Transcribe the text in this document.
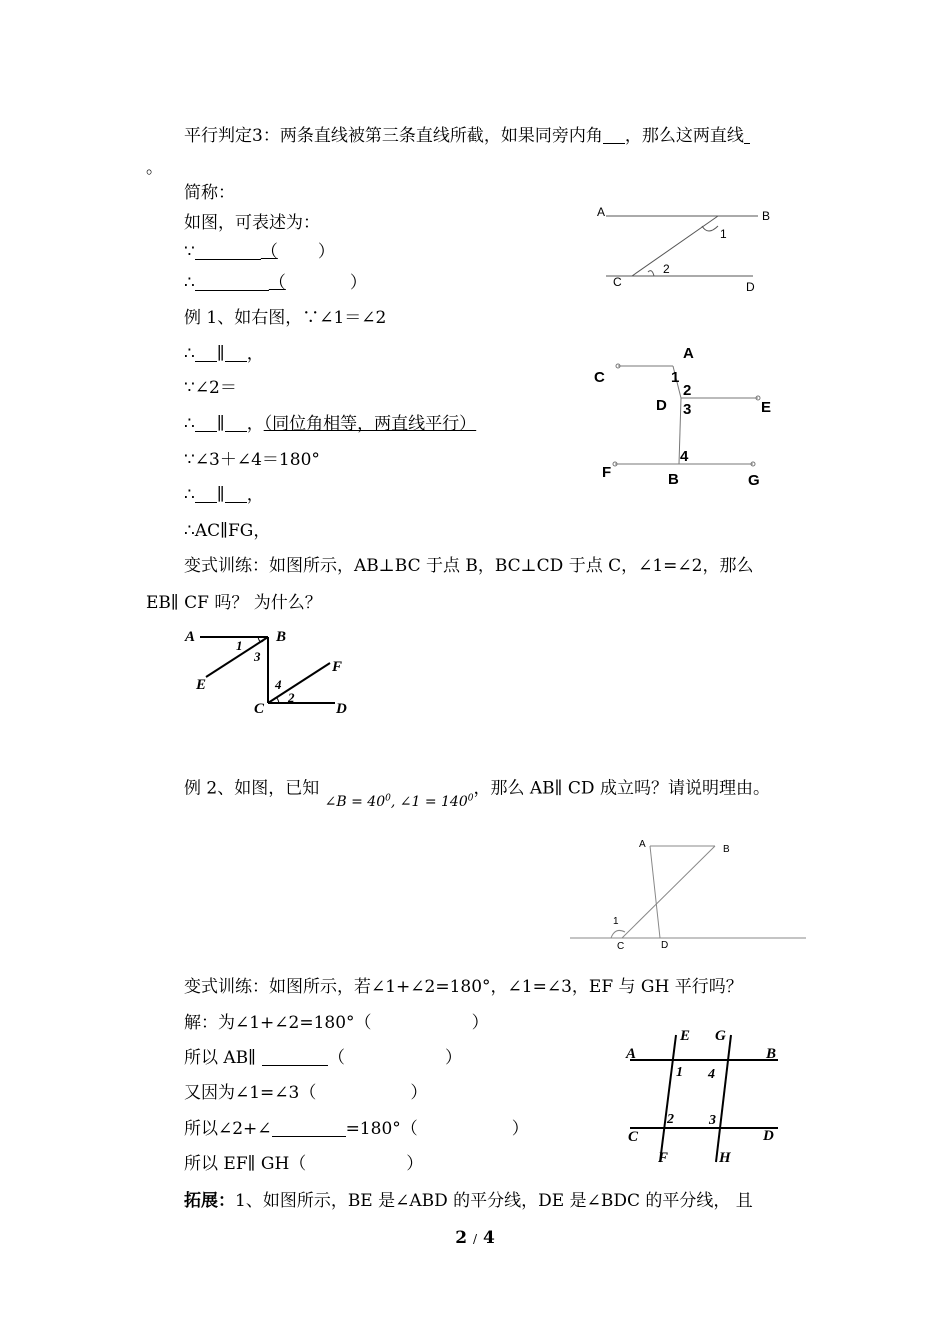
平行判定3：两条直线被第三条直线所截，如果同旁内角 ，那么这两直线
。
简称：
如图，可表述为：
∵	（ ）
∴	（	）
A	B
C	D
1
2
例 1、如右图，∵∠1＝∠2
∴ ∥ ，
∵∠2＝
∴ ∥ ，（同位角相等，两直线平行）
∵∠3＋∠4＝180°
∴ ∥ ，
∴AC∥FG，
A
C
D	E
F	B	G
1
2
3
4
变式训练：如图所示，AB⊥BC 于点 B，BC⊥CD 于点 C，∠1=∠2，那么
EB∥ CF 吗？ 为什么？
A	B
E
F
C	D
1
3
4
2
例 2、如图，已知 $_{\angle B = 40^0, \angle 1 = 140^0}$，那么 AB∥ CD 成立吗？请说明理由。
A	B
C	D
1
变式训练：如图所示，若∠1+∠2=180°，∠1=∠3，EF 与 GH 平行吗？
解：为∠1+∠2=180°（	）
所以 AB∥	（	）
又因为∠1=∠3（	）
所以∠2+∠	=180°（	）
所以 EF∥ GH（	）
A	B
C	D
E G
F	H
1 4
2	3
拓展：1、如图所示，BE 是∠ABD 的平分线，DE 是∠BDC 的平分线， 且
2 / 4
